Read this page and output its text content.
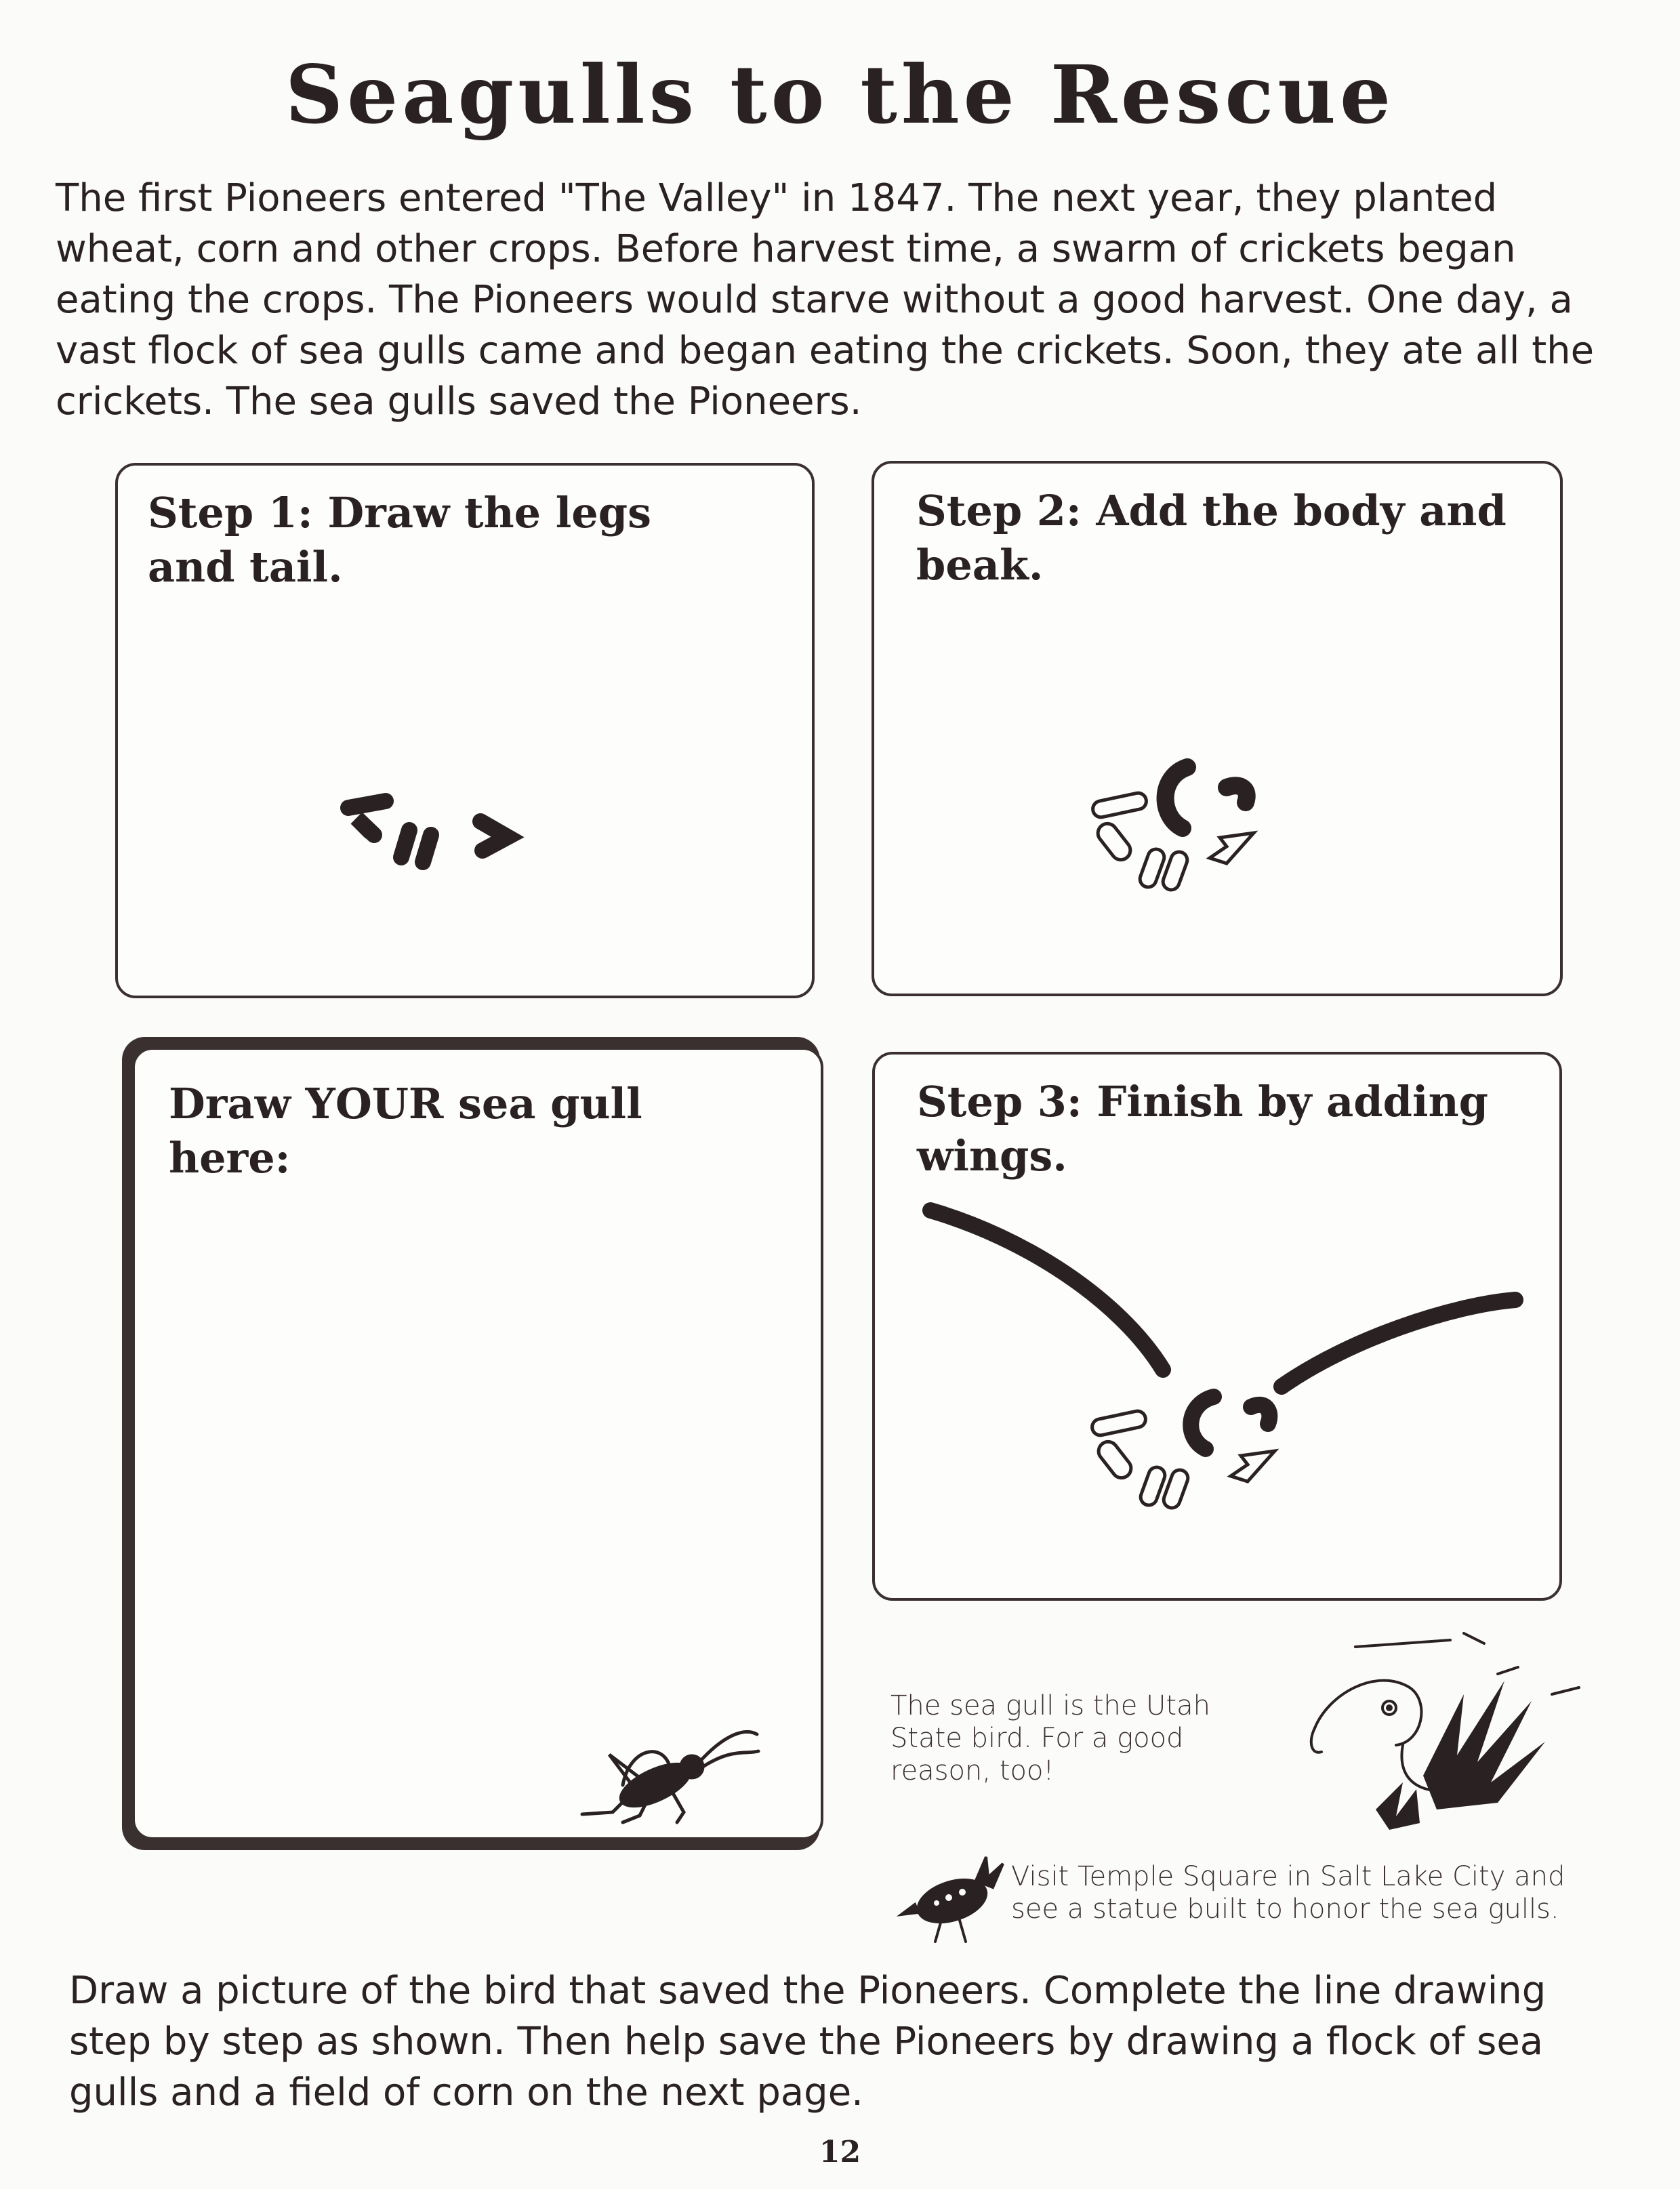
Seagulls to the Rescue

The first Pioneers entered "The Valley" in 1847. The next year, they planted wheat, corn and other crops. Before harvest time, a swarm of crickets began eating the crops. The Pioneers would starve without a good harvest. One day, a vast flock of sea gulls came and began eating the crickets. Soon, they ate all the crickets. The sea gulls saved the Pioneers.

Step 1: Draw the legs and tail.

Step 2: Add the body and beak.

Draw YOUR sea gull here:

Step 3: Finish by adding wings.

The sea gull is the Utah State bird. For a good reason, too!

Visit Temple Square in Salt Lake City and see a statue built to honor the sea gulls.

Draw a picture of the bird that saved the Pioneers. Complete the line drawing step by step as shown. Then help save the Pioneers by drawing a flock of sea gulls and a field of corn on the next page.

12
